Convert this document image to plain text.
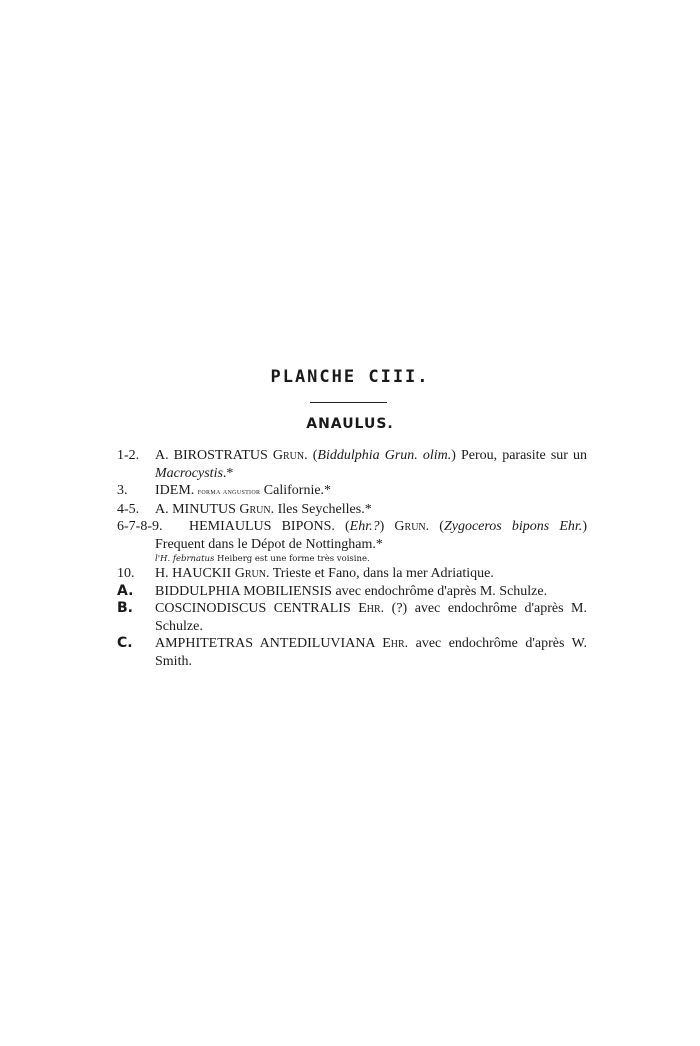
PLANCHE CIII.
ANAULUS.
1-2. A. BIROSTRATUS Grun. (Biddulphia Grun. olim.) Perou, parasite sur un Macrocystis.*
3. IDEM. forma angustior Californie.*
4-5. A. MINUTUS Grun. Iles Seychelles.*
6-7-8-9.	HEMIAULUS BIPONS. (Ehr.?) Grun. (Zygoceros bipons Ehr.) Frequent dans le Dépot de Nottingham.*
l'H. febrnatus Heiberg est une forme très voisine.
10. H. HAUCKII Grun. Trieste et Fano, dans la mer Adriatique.
A. BIDDULPHIA MOBILIENSIS avec endochrôme d'après M. Schulze.
B. COSCINODISCUS CENTRALIS Ehr. (?) avec endochrôme d'après M. Schulze.
C. AMPHITETRAS ANTEDILUVIANA Ehr. avec endochrôme d'après W. Smith.
